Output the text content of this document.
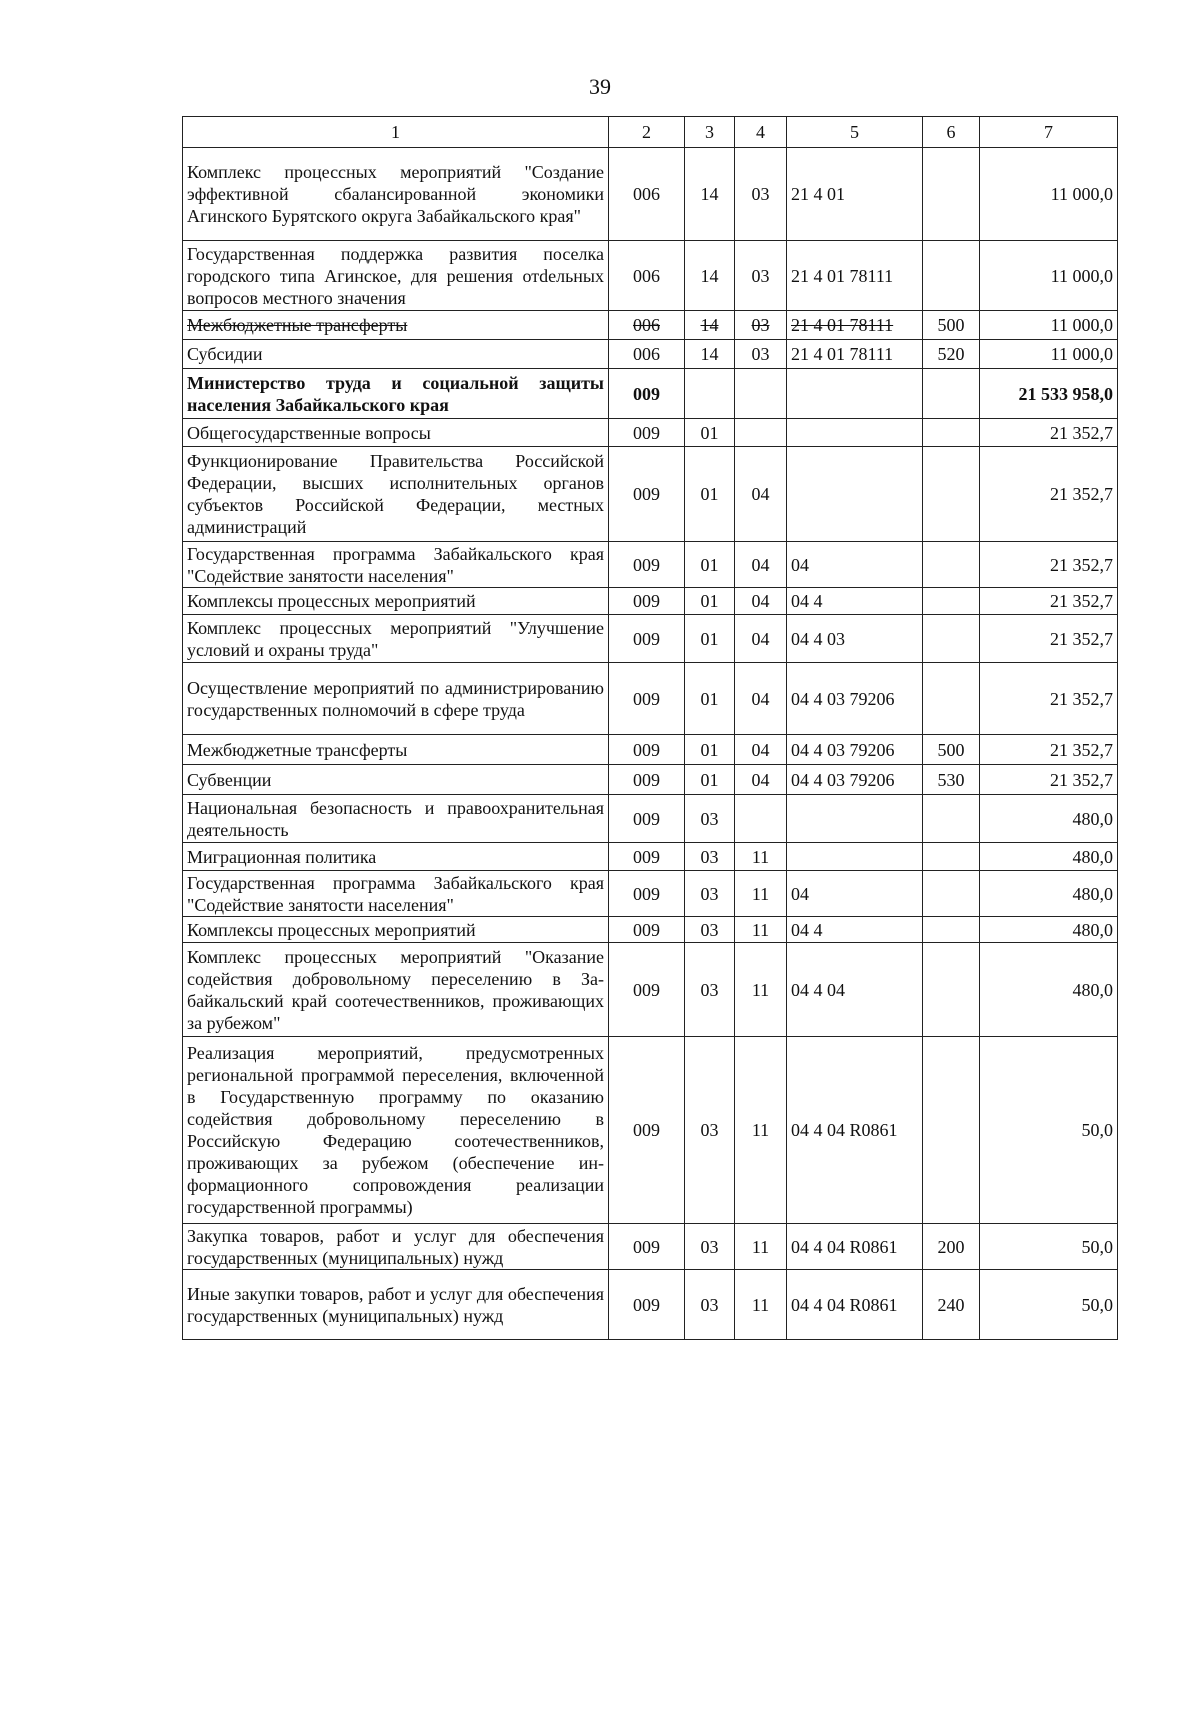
39
1	2	3	4	5	6	7
Комплекс процессных мероприятий "Создание эффективной сбалансированной экономики Агинского Бурятского округа Забайкальского края"	006	14	03	21 4 01		11 000,0
Государственная поддержка развития поселка городского типа Агинское, для решения отdельных вопросов местного значения	006	14	03	21 4 01 78111		11 000,0
Межбюджетные трансферты	006	14	03	21 4 01 78111	500	11 000,0
Субсидии	006	14	03	21 4 01 78111	520	11 000,0
Министерство труда и социальной защиты населения Забайкальского края	009					21 533 958,0
Общегосударственные вопросы	009	01				21 352,7
Функционирование Правительства Российской Федерации, высших исполнительных органов субъектов Российской Федерации, местных администраций	009	01	04			21 352,7
Государственная программа Забайкальского края "Содействие занятости населения"	009	01	04	04		21 352,7
Комплексы процессных мероприятий	009	01	04	04 4		21 352,7
Комплекс процессных мероприятий "Улучшение условий и охраны труда"	009	01	04	04 4 03		21 352,7
Осуществление мероприятий по администрированию государственных полномочий в сфере труда	009	01	04	04 4 03 79206		21 352,7
Межбюджетные трансферты	009	01	04	04 4 03 79206	500	21 352,7
Субвенции	009	01	04	04 4 03 79206	530	21 352,7
Национальная безопасность и правоохранительная деятельность	009	03				480,0
Миграционная политика	009	03	11			480,0
Государственная программа Забайкальского края "Содействие занятости населения"	009	03	11	04		480,0
Комплексы процессных мероприятий	009	03	11	04 4		480,0
Комплекс процессных мероприятий "Оказание содействия добровольному переселению в Забайкальский край соотечественников, проживающих за рубежом"	009	03	11	04 4 04		480,0
Реализация мероприятий, предусмотренных региональной программой переселения, включенной в Государственную программу по оказанию содействия добровольному переселению в Российскую Федерацию соотечественников, проживающих за рубежом (обеспечение информационного сопровождения реализации государственной программы)	009	03	11	04 4 04 R0861		50,0
Закупка товаров, работ и услуг для обеспечения государственных (муниципальных) нужд	009	03	11	04 4 04 R0861	200	50,0
Иные закупки товаров, работ и услуг для обеспечения государственных (муниципальных) нужд	009	03	11	04 4 04 R0861	240	50,0
